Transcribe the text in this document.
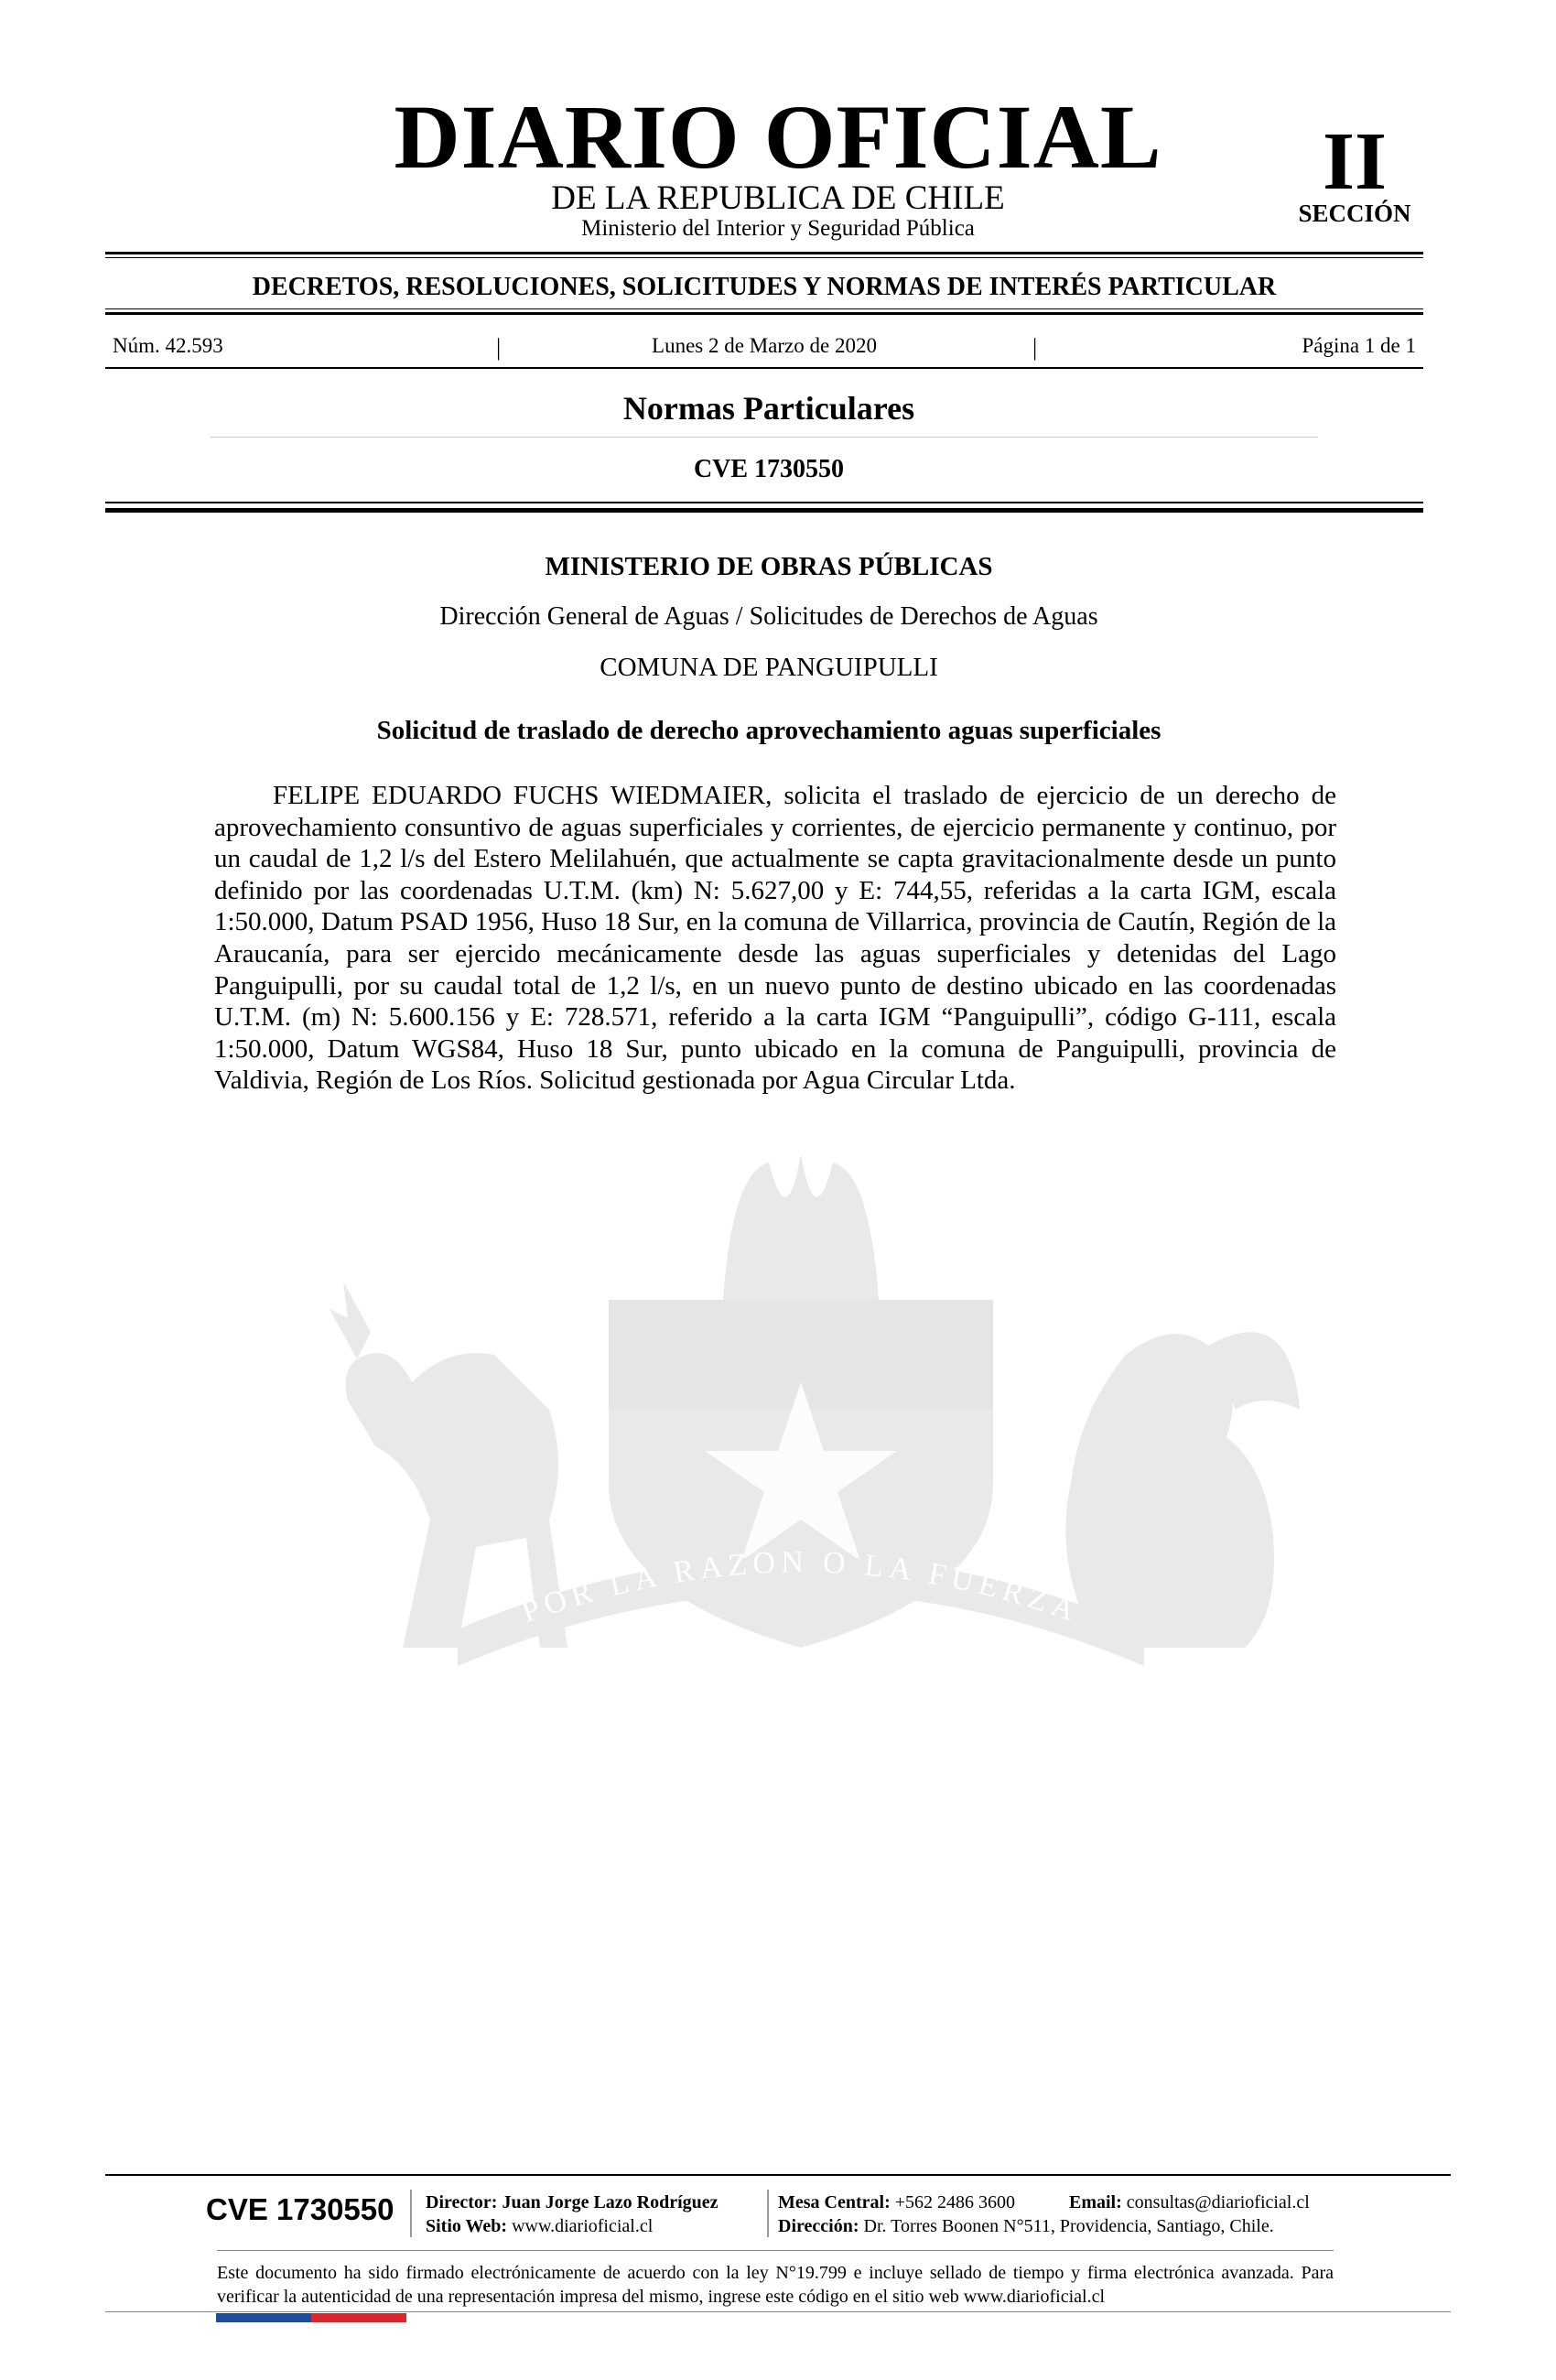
DIARIO OFICIAL
DE LA REPUBLICA DE CHILE
Ministerio del Interior y Seguridad Pública
II
SECCIÓN
DECRETOS, RESOLUCIONES, SOLICITUDES Y NORMAS DE INTERÉS PARTICULAR
Núm. 42.593	|	Lunes 2 de Marzo de 2020	|	Página 1 de 1
Normas Particulares
CVE 1730550
POR LA RAZON O LA FUERZA
MINISTERIO DE OBRAS PÚBLICAS
Dirección General de Aguas / Solicitudes de Derechos de Aguas
COMUNA DE PANGUIPULLI
Solicitud de traslado de derecho aprovechamiento aguas superficiales
FELIPE EDUARDO FUCHS WIEDMAIER, solicita el traslado de ejercicio de un derecho de aprovechamiento consuntivo de aguas superficiales y corrientes, de ejercicio permanente y continuo, por un caudal de 1,2 l/s del Estero Melilahuén, que actualmente se capta gravitacionalmente desde un punto definido por las coordenadas U.T.M. (km) N: 5.627,00 y E: 744,55, referidas a la carta IGM, escala 1:50.000, Datum PSAD 1956, Huso 18 Sur, en la comuna de Villarrica, provincia de Cautín, Región de la Araucanía, para ser ejercido mecánicamente desde las aguas superficiales y detenidas del Lago Panguipulli, por su caudal total de 1,2 l/s, en un nuevo punto de destino ubicado en las coordenadas U.T.M. (m) N: 5.600.156 y E: 728.571, referido a la carta IGM “Panguipulli”, código G-111, escala 1:50.000, Datum WGS84, Huso 18 Sur, punto ubicado en la comuna de Panguipulli, provincia de Valdivia, Región de Los Ríos. Solicitud gestionada por Agua Circular Ltda.
CVE 1730550 Director: Juan Jorge Lazo Rodríguez
Sitio Web: www.diarioficial.cl
Mesa Central: +562 2486 3600
Dirección: Dr. Torres Boonen N°511, Providencia, Santiago, Chile.
Email: consultas@diarioficial.cl
Este documento ha sido firmado electrónicamente de acuerdo con la ley N°19.799 e incluye sellado de tiempo y firma electrónica avanzada. Para verificar la autenticidad de una representación impresa del mismo, ingrese este código en el sitio web www.diarioficial.cl
